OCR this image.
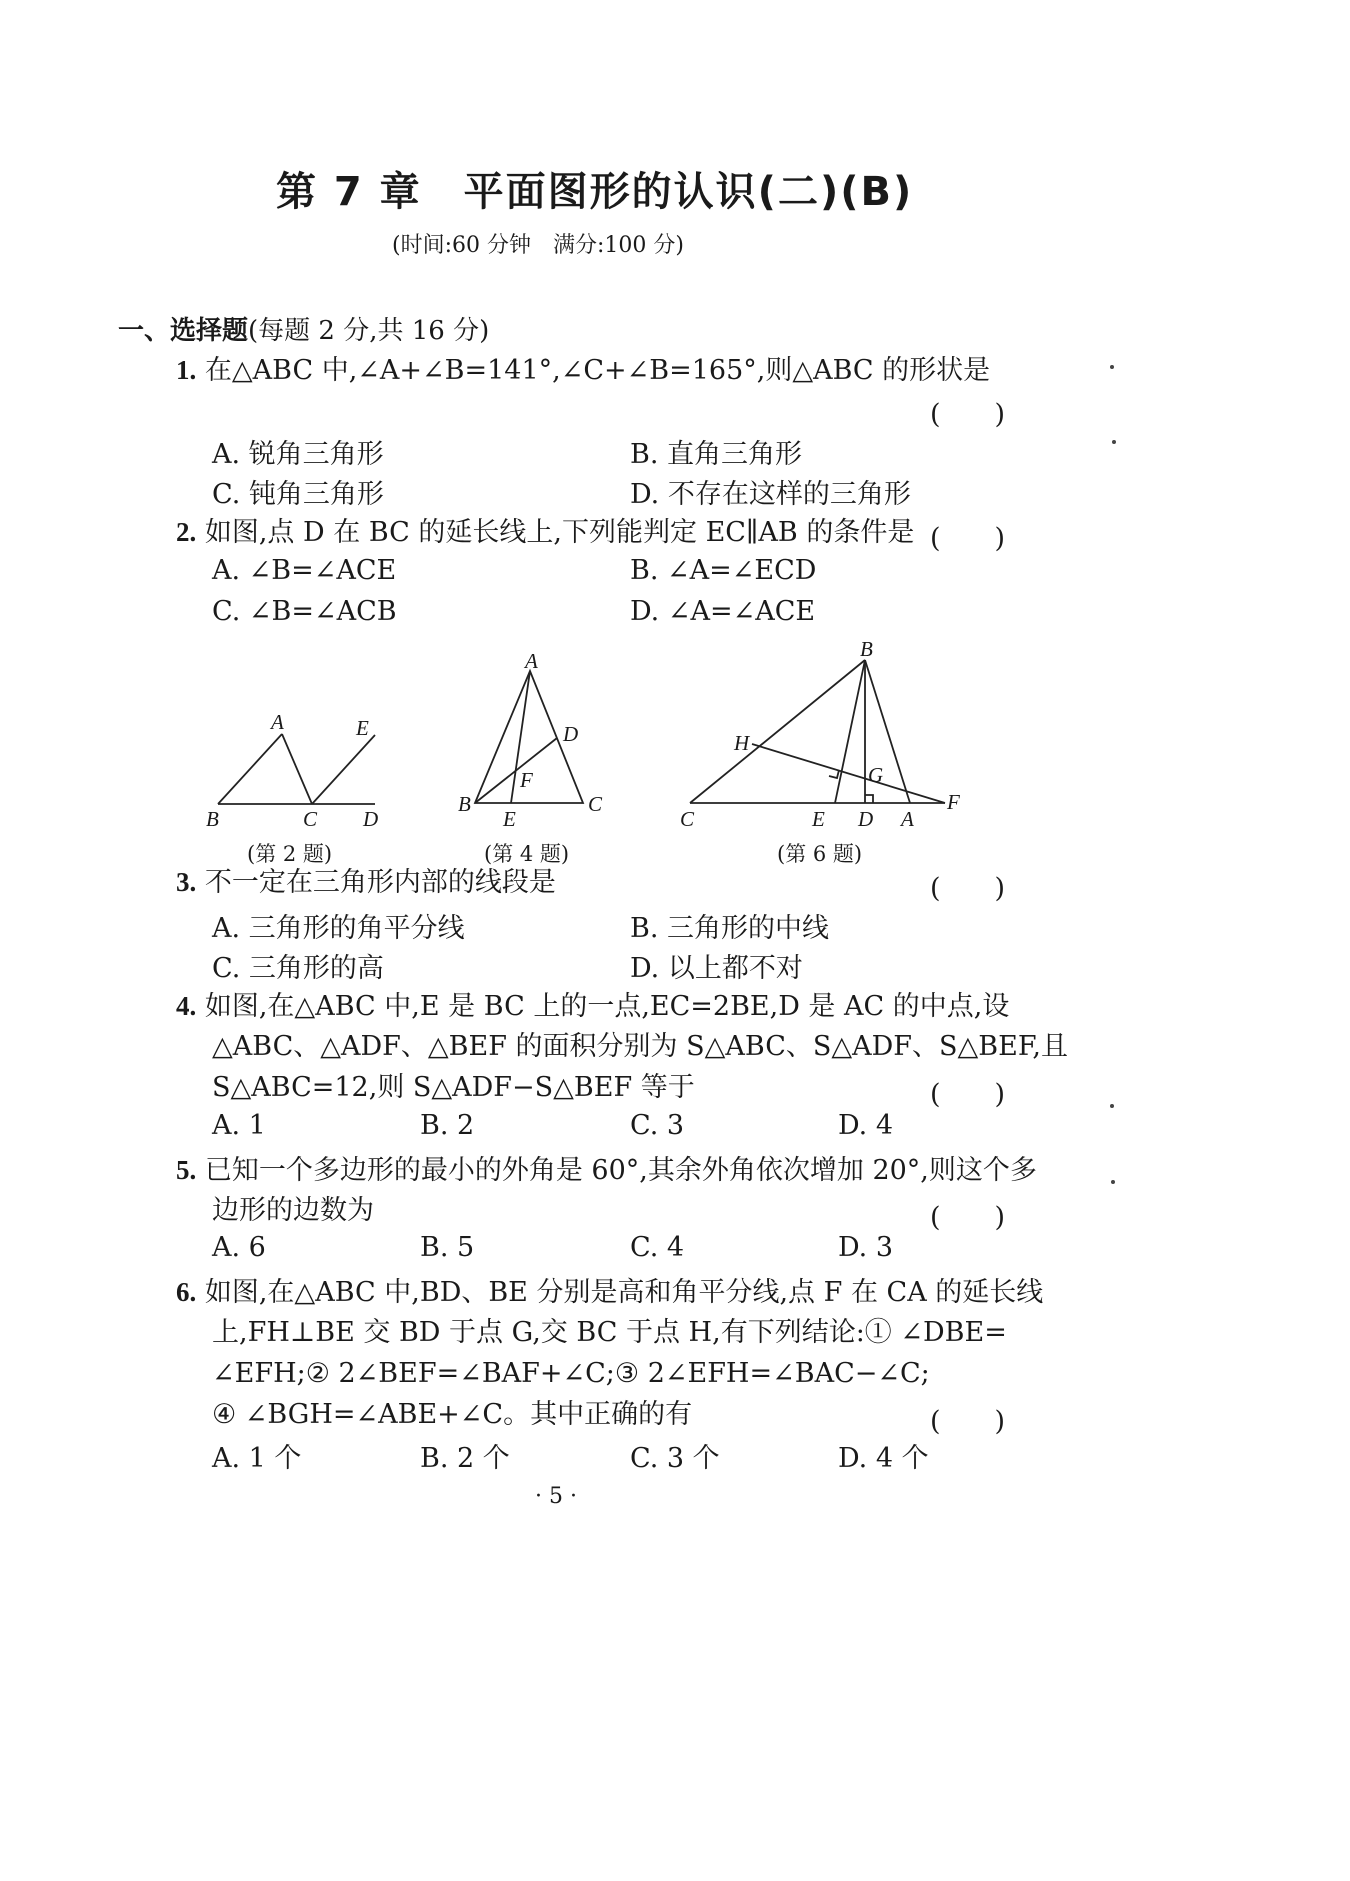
第 7 章　平面图形的认识(二)(B)
(时间:60 分钟　满分:100 分)
一、选择题(每题 2 分,共 16 分)
1. 在△ABC 中,∠A+∠B=141°,∠C+∠B=165°,则△ABC 的形状是
(　　)
A. 锐角三角形	B. 直角三角形
C. 钝角三角形	D. 不存在这样的三角形
2. 如图,点 D 在 BC 的延长线上,下列能判定 EC∥AB 的条件是 (　　)
A. ∠B=∠ACE	B. ∠A=∠ECD
C. ∠B=∠ACB	D. ∠A=∠ACE
A	E
B	C D
(第 2 题)
A
D
F
B
E
C
(第 4 题)
B
H
G
C	E D A
F
(第 6 题)
3. 不一定在三角形内部的线段是	(　　)
A. 三角形的角平分线	B. 三角形的中线
C. 三角形的高	D. 以上都不对
4. 如图,在△ABC 中,E 是 BC 上的一点,EC=2BE,D 是 AC 的中点,设
△ABC、△ADF、△BEF 的面积分别为 S△ABC、S△ADF、S△BEF,且
S△ABC=12,则 S△ADF−S△BEF 等于	(　　)
A. 1	B. 2	C. 3	D. 4
5. 已知一个多边形的最小的外角是 60°,其余外角依次增加 20°,则这个多
边形的边数为	(　　)
A. 6	B. 5	C. 4	D. 3
6. 如图,在△ABC 中,BD、BE 分别是高和角平分线,点 F 在 CA 的延长线
上,FH⊥BE 交 BD 于点 G,交 BC 于点 H,有下列结论:① ∠DBE=
∠EFH;② 2∠BEF=∠BAF+∠C;③ 2∠EFH=∠BAC−∠C;
④ ∠BGH=∠ABE+∠C。其中正确的有	(　　)
A. 1 个	B. 2 个	C. 3 个	D. 4 个
· 5 ·
